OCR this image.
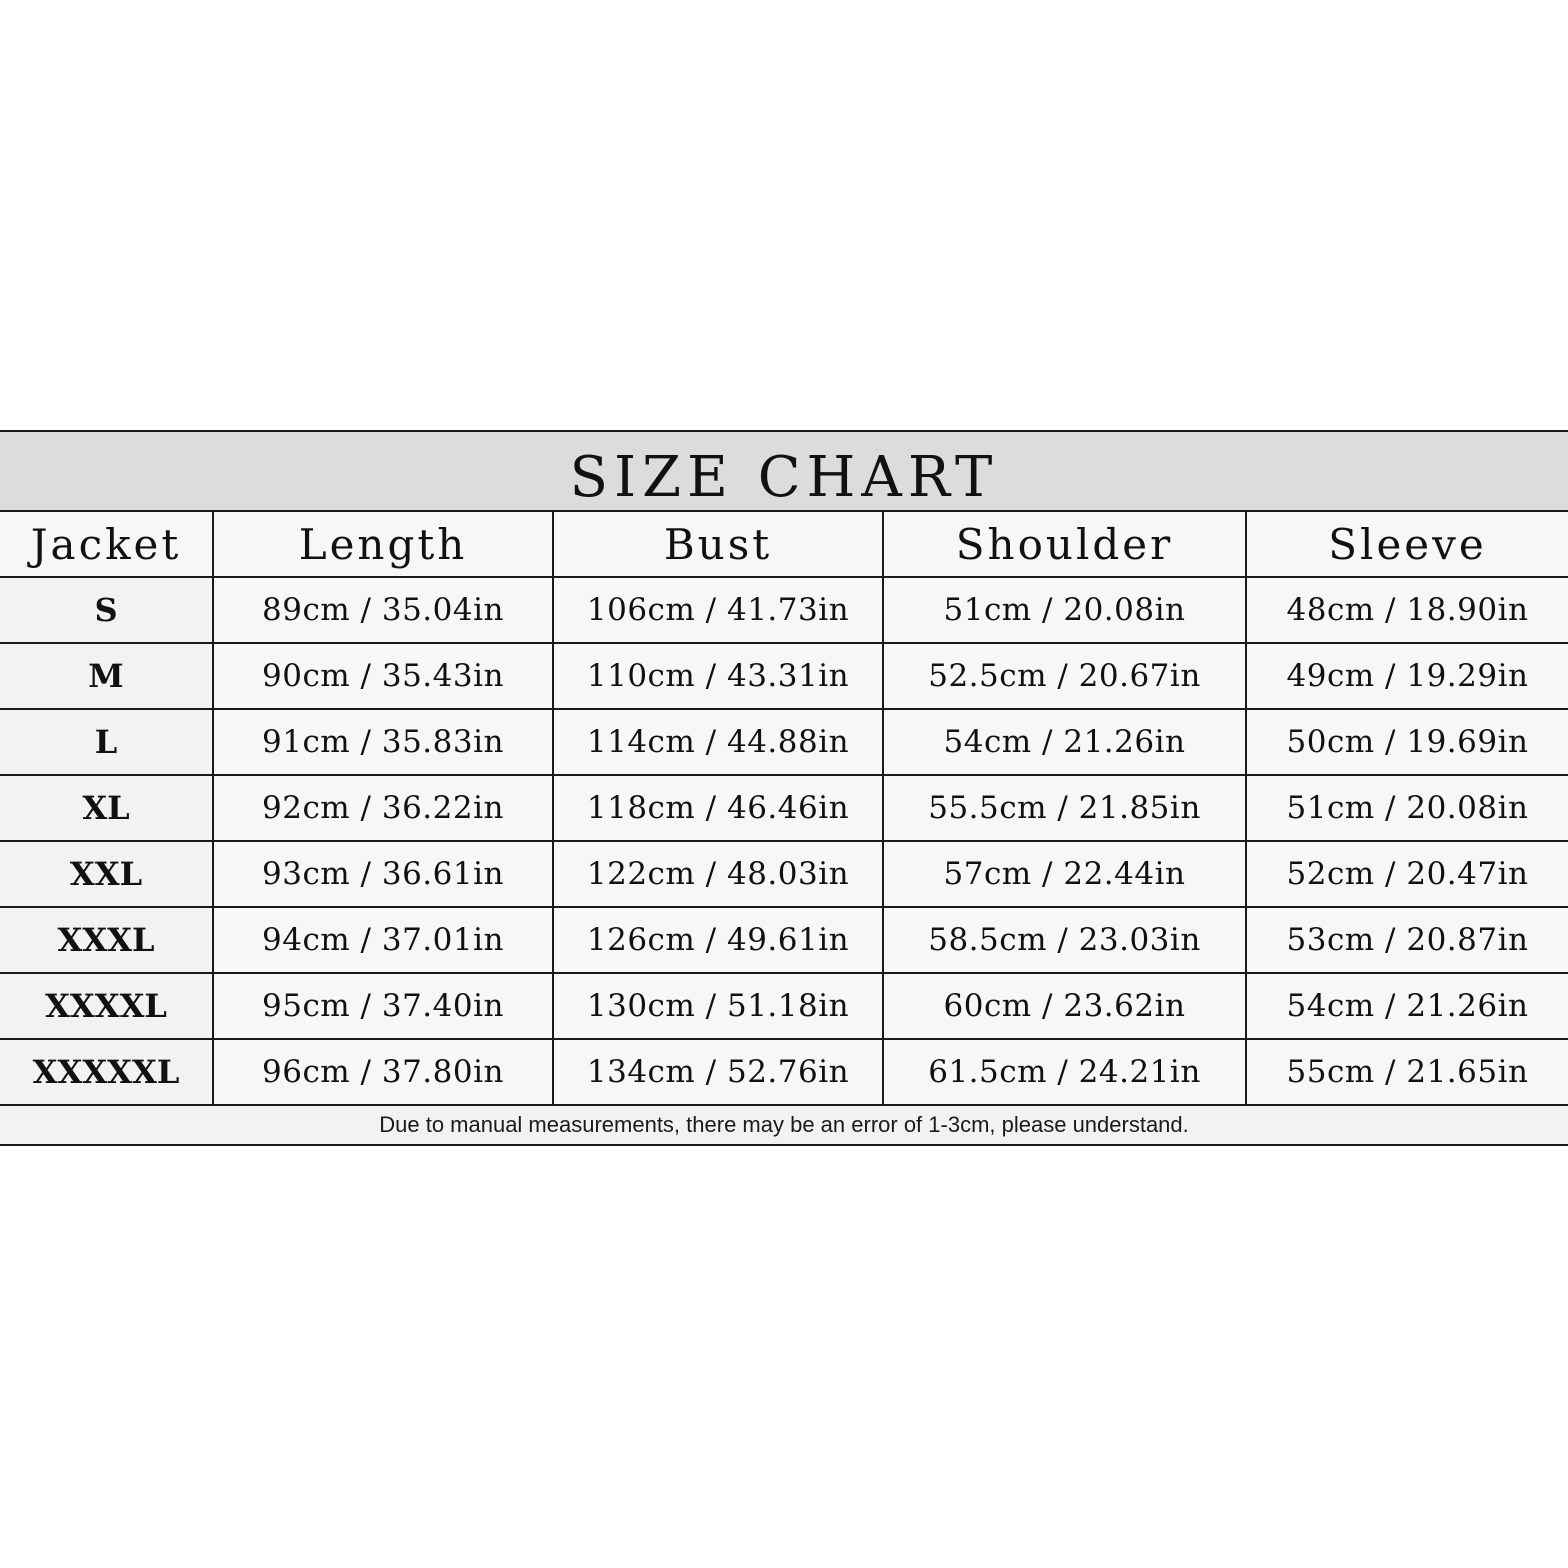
SIZE CHART
Jacket	Length	Bust	Shoulder	Sleeve
S	89cm / 35.04in	106cm / 41.73in	51cm / 20.08in	48cm / 18.90in
M	90cm / 35.43in	110cm / 43.31in	52.5cm / 20.67in	49cm / 19.29in
L	91cm / 35.83in	114cm / 44.88in	54cm / 21.26in	50cm / 19.69in
XL	92cm / 36.22in	118cm / 46.46in	55.5cm / 21.85in	51cm / 20.08in
XXL	93cm / 36.61in	122cm / 48.03in	57cm / 22.44in	52cm / 20.47in
XXXL	94cm / 37.01in	126cm / 49.61in	58.5cm / 23.03in	53cm / 20.87in
XXXXL	95cm / 37.40in	130cm / 51.18in	60cm / 23.62in	54cm / 21.26in
XXXXXL	96cm / 37.80in	134cm / 52.76in	61.5cm / 24.21in	55cm / 21.65in
Due to manual measurements, there may be an error of 1-3cm, please understand.
